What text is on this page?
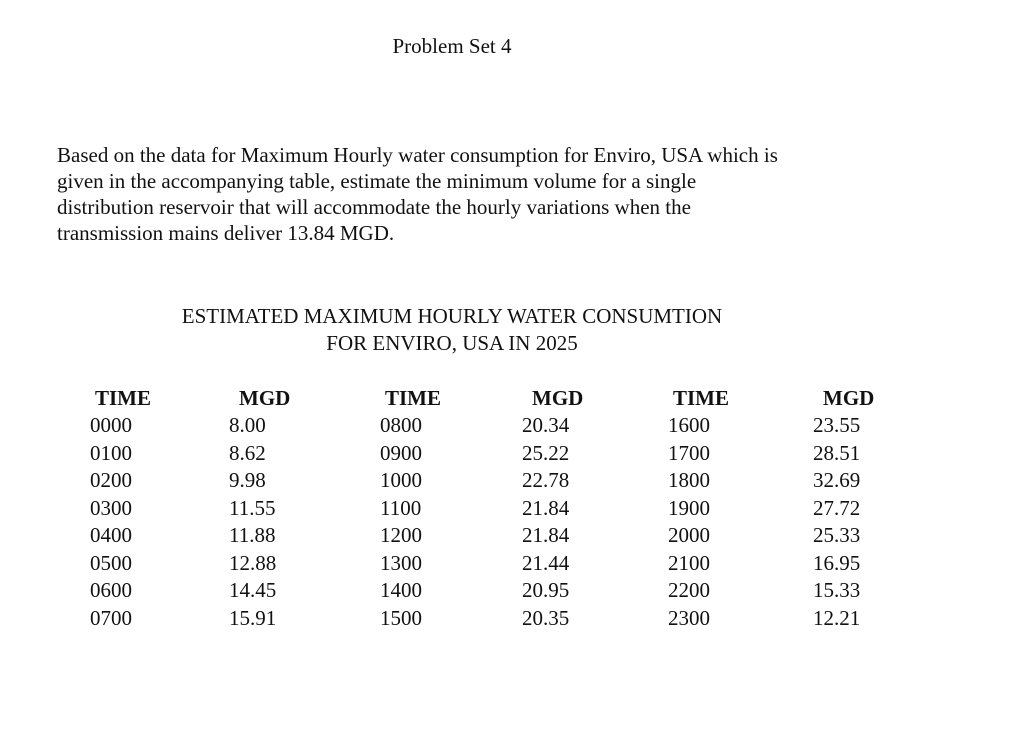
Problem Set 4

Based on the data for Maximum Hourly water consumption for Enviro, USA which is
given in the accompanying table, estimate the minimum volume for a single
distribution reservoir that will accommodate the hourly variations when the
transmission mains deliver 13.84 MGD.

ESTIMATED MAXIMUM HOURLY WATER CONSUMTION
FOR ENVIRO, USA IN 2025
TIME
0000
0100
0200
0300
0400
0500
0600
0700
MGD
8.00
8.62
9.98
11.55
11.88
12.88
14.45
15.91
TIME
0800
0900
1000
1100
1200
1300
1400
1500
MGD
20.34
25.22
22.78
21.84
21.84
21.44
20.95
20.35
TIME
1600
1700
1800
1900
2000
2100
2200
2300
MGD
23.55
28.51
32.69
27.72
25.33
16.95
15.33
12.21
